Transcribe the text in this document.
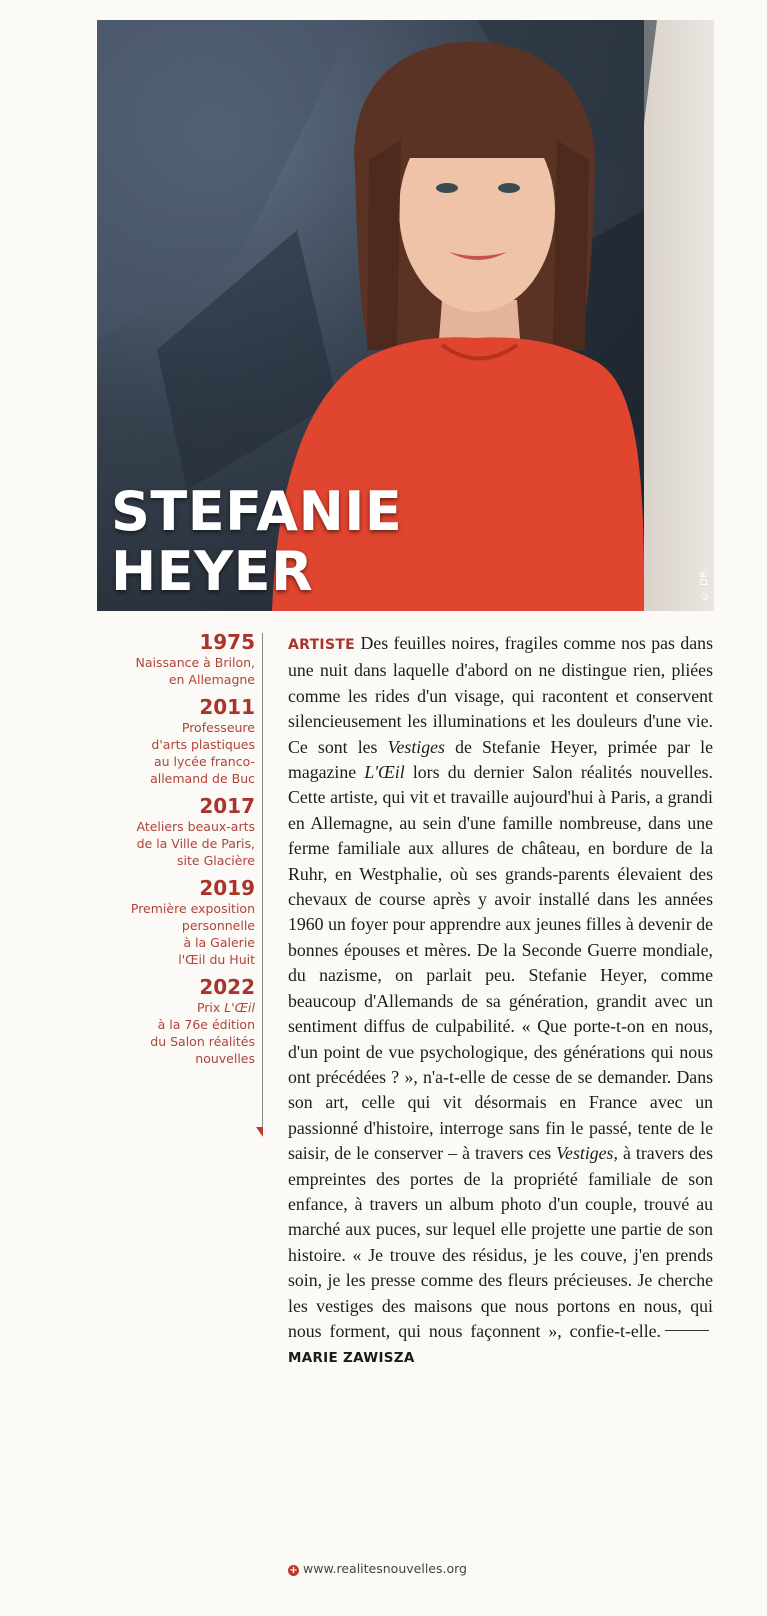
STEFANIE
HEYER	© DR.
1975
Naissance à Brilon,
en Allemagne
2011
Professeure
d'arts plastiques
au lycée franco-
allemand de Buc
2017
Ateliers beaux-arts
de la Ville de Paris,
site Glacière
2019
Première exposition
personnelle
à la Galerie
l'Œil du Huit
2022
Prix L'Œil
à la 76e édition
du Salon réalités
nouvelles

ARTISTE Des feuilles noires, fragiles comme nos pas dans une nuit dans laquelle d'abord on ne distingue rien, pliées comme les rides d'un visage, qui racontent et conservent silencieusement les illuminations et les douleurs d'une vie. Ce sont les Vestiges de Stefanie Heyer, primée par le magazine L'Œil lors du dernier Salon réalités nouvelles. Cette artiste, qui vit et travaille aujourd'hui à Paris, a grandi en Allemagne, au sein d'une famille nombreuse, dans une ferme familiale aux allures de château, en bordure de la Ruhr, en Westphalie, où ses grands-parents élevaient des chevaux de course après y avoir installé dans les années 1960 un foyer pour apprendre aux jeunes filles à devenir de bonnes épouses et mères. De la Seconde Guerre mondiale, du nazisme, on parlait peu. Stefanie Heyer, comme beaucoup d'Allemands de sa génération, grandit avec un sentiment diffus de culpabilité. « Que porte-t-on en nous, d'un point de vue psychologique, des générations qui nous ont précédées ? », n'a-t-elle de cesse de se demander. Dans son art, celle qui vit désormais en France avec un passionné d'histoire, interroge sans fin le passé, tente de le saisir, de le conserver – à travers ces Vestiges, à travers des empreintes des portes de la propriété familiale de son enfance, à travers un album photo d'un couple, trouvé au marché aux puces, sur lequel elle projette une partie de son histoire. « Je trouve des résidus, je les couve, j'en prends soin, je les presse comme des fleurs précieuses. Je cherche les vestiges des maisons que nous portons en nous, qui nous forment, qui nous façonnent », confie-t-elle.MARIE ZAWISZA

+ www.realitesnouvelles.org
